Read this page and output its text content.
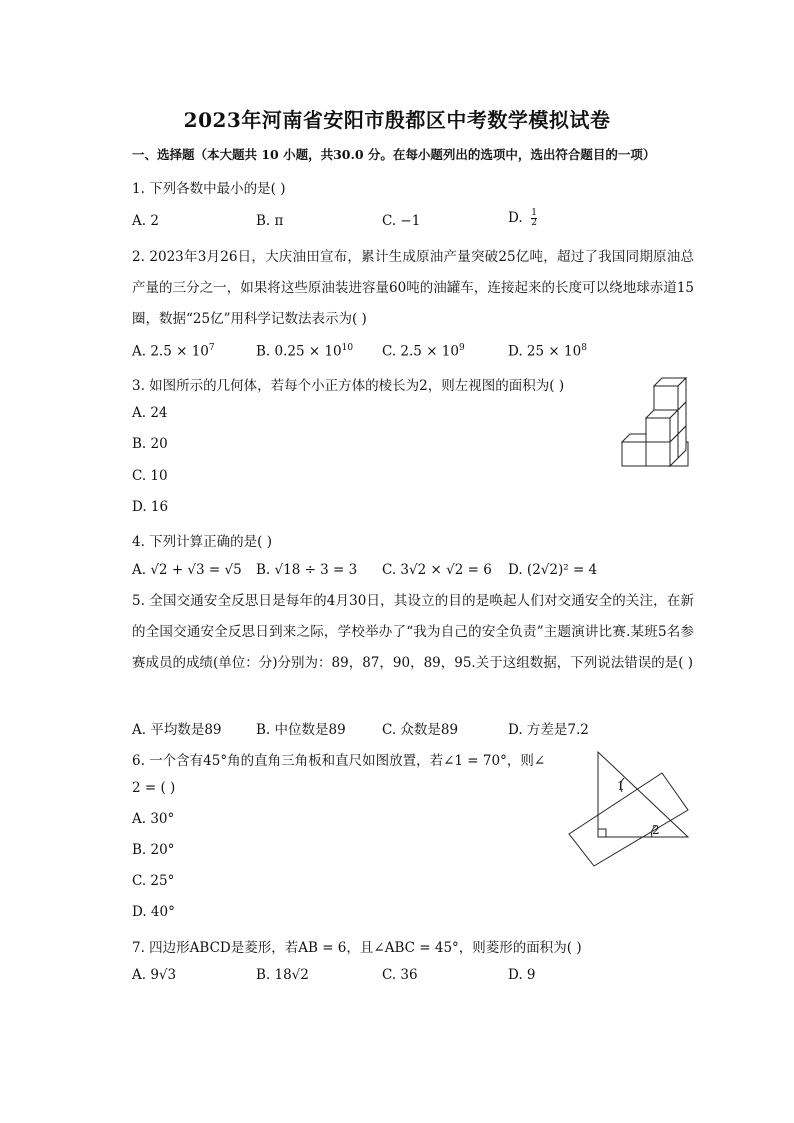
2023年河南省安阳市殷都区中考数学模拟试卷
一、选择题（本大题共 10 小题，共30.0 分。在每小题列出的选项中，选出符合题目的一项）
1. 下列各数中最小的是( )
A. 2	B. π	C. −1	D. $\frac{1}{2}$
2. 2023年3月26日，大庆油田宣布，累计生成原油产量突破25亿吨，超过了我国同期原油总产量的三分之一，如果将这些原油装进容量60吨的油罐车，连接起来的长度可以绕地球赤道15圈，数据“25亿”用科学记数法表示为( )
A. $2.5 \times 10^7$	B. $0.25 \times 10^{10}$ C. $2.5 \times 10^9$	D. $25 \times 10^8$
3. 如图所示的几何体，若每个小正方体的棱长为2，则左视图的面积为( )
A. 24
B. 20
C. 10
D. 16
4. 下列计算正确的是( )
A. √2 + √3 = √5 B. √18 ÷ 3 = 3 C. 3√2 × √2 = 6 D. (2√2)² = 4
5. 全国交通安全反思日是每年的4月30日，其设立的目的是唤起人们对交通安全的关注，在新的全国交通安全反思日到来之际，学校举办了“我为自己的安全负责”主题演讲比赛.某班5名参赛成员的成绩(单位：分)分别为：89，87，90，89，95.关于这组数据，下列说法错误的是( )
A. 平均数是89	B. 中位数是89	C. 众数是89	D. 方差是7.2
6. 一个含有45°角的直角三角板和直尺如图放置，若∠1 = 70°，则∠
2 = ( )
A. 30°
B. 20°
C. 25°
D. 40°
1
2
7. 四边形ABCD是菱形，若AB = 6，且∠ABC = 45°，则菱形的面积为( )
A. 9√3	B. 18√2	C. 36	D. 9
